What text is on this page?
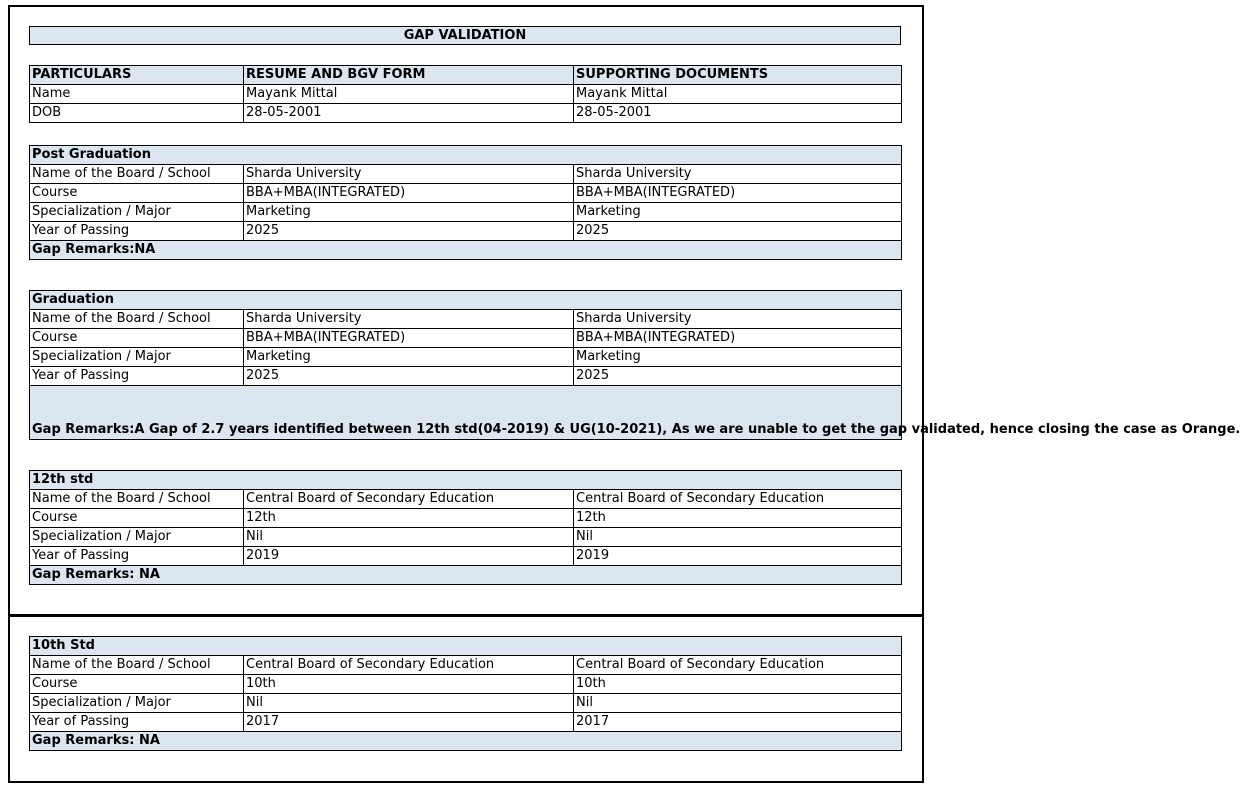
GAP VALIDATION
PARTICULARS	RESUME AND BGV FORM	SUPPORTING DOCUMENTS
Name	Mayank Mittal	Mayank Mittal
DOB	28-05-2001	28-05-2001
Post Graduation		
Name of the Board / School	Sharda University	Sharda University
Course	BBA+MBA(INTEGRATED)	BBA+MBA(INTEGRATED)
Specialization / Major	Marketing	Marketing
Year of Passing	2025	2025
Gap Remarks:NA		
Graduation		
Name of the Board / School	Sharda University	Sharda University
Course	BBA+MBA(INTEGRATED)	BBA+MBA(INTEGRATED)
Specialization / Major	Marketing	Marketing
Year of Passing	2025	2025
Gap Remarks:A Gap of 2.7 years identified between 12th std(04-2019) & UG(10-2021), As we are unable to get the gap validated, hence closing the case as Orange.		
12th std		
Name of the Board / School	Central Board of Secondary Education	Central Board of Secondary Education
Course	12th	12th
Specialization / Major	Nil	Nil
Year of Passing	2019	2019
Gap Remarks: NA		
10th Std		
Name of the Board / School	Central Board of Secondary Education	Central Board of Secondary Education
Course	10th	10th
Specialization / Major	Nil	Nil
Year of Passing	2017	2017
Gap Remarks: NA		
